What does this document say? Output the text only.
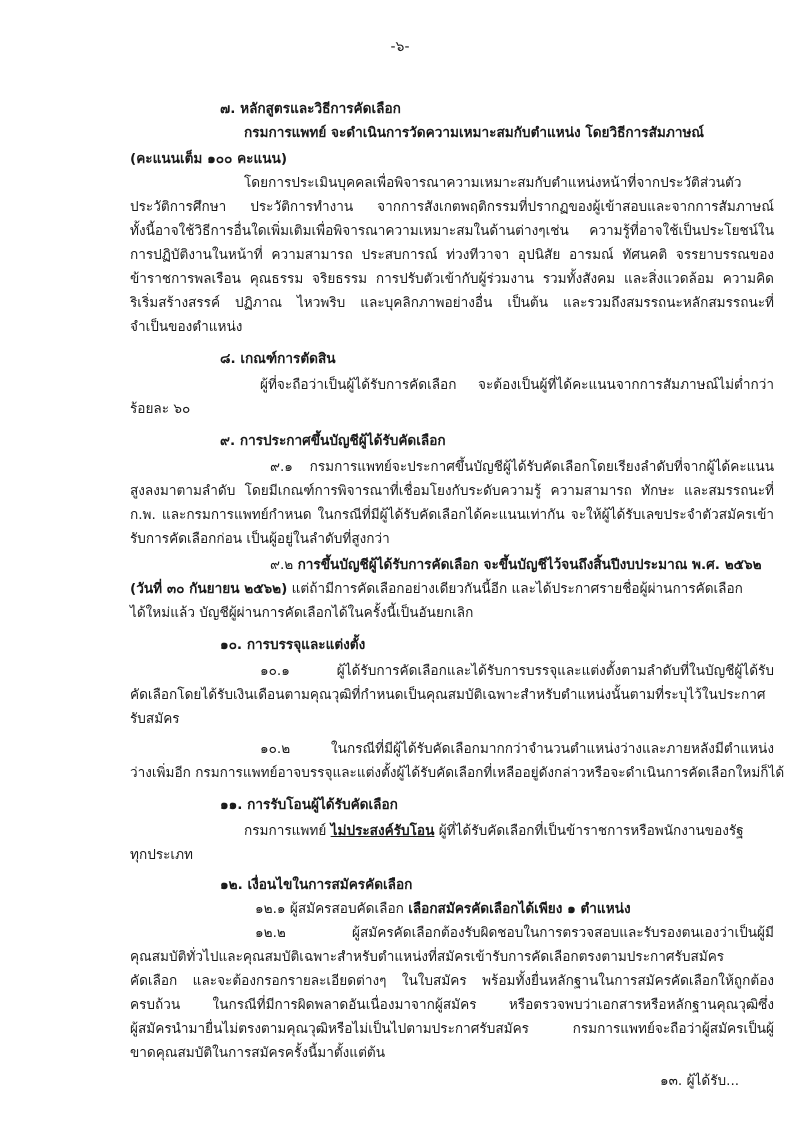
-๖-
๗. หลักสูตรและวิธีการคัดเลือก
กรมการแพทย์ จะดำเนินการวัดความเหมาะสมกับตำแหน่ง โดยวิธีการสัมภาษณ์
(คะแนนเต็ม ๑๐๐ คะแนน)
โดยการประเมินบุคคลเพื่อพิจารณาความเหมาะสมกับตำแหน่งหน้าที่จากประวัติส่วนตัว
ประวัติการศึกษา ประวัติการทำงาน จากการสังเกตพฤติกรรมที่ปรากฏของผู้เข้าสอบและจากการสัมภาษณ์
ทั้งนี้อาจใช้วิธีการอื่นใดเพิ่มเติมเพื่อพิจารณาความเหมาะสมในด้านต่างๆเช่น ความรู้ที่อาจใช้เป็นประโยชน์ใน
การปฏิบัติงานในหน้าที่ ความสามารถ ประสบการณ์ ท่วงทีวาจา อุปนิสัย อารมณ์ ทัศนคติ จรรยาบรรณของ
ข้าราชการพลเรือน คุณธรรม จริยธรรม การปรับตัวเข้ากับผู้ร่วมงาน รวมทั้งสังคม และสิ่งแวดล้อม ความคิด
ริเริ่มสร้างสรรค์ ปฏิภาณ ไหวพริบ และบุคลิกภาพอย่างอื่น เป็นต้น และรวมถึงสมรรถนะหลักสมรรถนะที่
จำเป็นของตำแหน่ง
๘. เกณฑ์การตัดสิน
ผู้ที่จะถือว่าเป็นผู้ได้รับการคัดเลือก จะต้องเป็นผู้ที่ได้คะแนนจากการสัมภาษณ์ไม่ต่ำกว่า
ร้อยละ ๖๐
๙. การประกาศขึ้นบัญชีผู้ได้รับคัดเลือก
๙.๑ กรมการแพทย์จะประกาศขึ้นบัญชีผู้ได้รับคัดเลือกโดยเรียงลำดับที่จากผู้ได้คะแนน
สูงลงมาตามลำดับ โดยมีเกณฑ์การพิจารณาที่เชื่อมโยงกับระดับความรู้ ความสามารถ ทักษะ และสมรรถนะที่
ก.พ. และกรมการแพทย์กำหนด ในกรณีที่มีผู้ได้รับคัดเลือกได้คะแนนเท่ากัน จะให้ผู้ได้รับเลขประจำตัวสมัครเข้า
รับการคัดเลือกก่อน เป็นผู้อยู่ในลำดับที่สูงกว่า
๙.๒ การขึ้นบัญชีผู้ได้รับการคัดเลือก จะขึ้นบัญชีไว้จนถึงสิ้นปีงบประมาณ พ.ศ. ๒๕๖๒
(วันที่ ๓๐ กันยายน ๒๕๖๒) แต่ถ้ามีการคัดเลือกอย่างเดียวกันนี้อีก และได้ประกาศรายชื่อผู้ผ่านการคัดเลือก
ได้ใหม่แล้ว บัญชีผู้ผ่านการคัดเลือกได้ในครั้งนี้เป็นอันยกเลิก
๑๐. การบรรจุและแต่งตั้ง
๑๐.๑ ผู้ได้รับการคัดเลือกและได้รับการบรรจุและแต่งตั้งตามลำดับที่ในบัญชีผู้ได้รับ
คัดเลือกโดยได้รับเงินเดือนตามคุณวุฒิที่กำหนดเป็นคุณสมบัติเฉพาะสำหรับตำแหน่งนั้นตามที่ระบุไว้ในประกาศ
รับสมัคร
๑๐.๒ ในกรณีที่มีผู้ได้รับคัดเลือกมากกว่าจำนวนตำแหน่งว่างและภายหลังมีตำแหน่ง
ว่างเพิ่มอีก กรมการแพทย์อาจบรรจุและแต่งตั้งผู้ได้รับคัดเลือกที่เหลืออยู่ดังกล่าวหรือจะดำเนินการคัดเลือกใหม่ก็ได้
๑๑. การรับโอนผู้ได้รับคัดเลือก
กรมการแพทย์ ไม่ประสงค์รับโอน ผู้ที่ได้รับคัดเลือกที่เป็นข้าราชการหรือพนักงานของรัฐ
ทุกประเภท
๑๒. เงื่อนไขในการสมัครคัดเลือก
๑๒.๑ ผู้สมัครสอบคัดเลือก เลือกสมัครคัดเลือกได้เพียง ๑ ตำแหน่ง
๑๒.๒ ผู้สมัครคัดเลือกต้องรับผิดชอบในการตรวจสอบและรับรองตนเองว่าเป็นผู้มี
คุณสมบัติทั่วไปและคุณสมบัติเฉพาะสำหรับตำแหน่งที่สมัครเข้ารับการคัดเลือกตรงตามประกาศรับสมัคร
คัดเลือก และจะต้องกรอกรายละเอียดต่างๆ ในใบสมัคร พร้อมทั้งยื่นหลักฐานในการสมัครคัดเลือกให้ถูกต้อง
ครบถ้วน ในกรณีที่มีการผิดพลาดอันเนื่องมาจากผู้สมัคร หรือตรวจพบว่าเอกสารหรือหลักฐานคุณวุฒิซึ่ง
ผู้สมัครนำมายื่นไม่ตรงตามคุณวุฒิหรือไม่เป็นไปตามประกาศรับสมัคร กรมการแพทย์จะถือว่าผู้สมัครเป็นผู้
ขาดคุณสมบัติในการสมัครครั้งนี้มาตั้งแต่ต้น
๑๓. ผู้ได้รับ...
